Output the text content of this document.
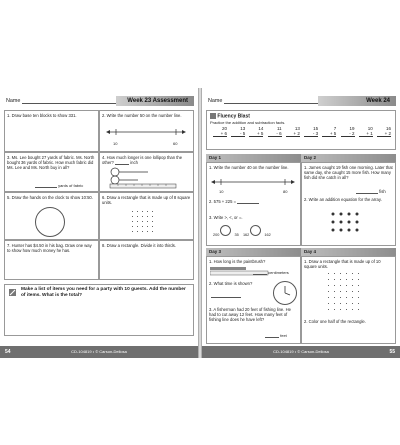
Name	Week 23 Assessment
1. Draw base ten blocks to show 331.	2. Write the number 50 on the number line.
10	60
3. Ms. Lee bought 27 yards of fabric. Ms. North bought 36 yards of fabric. How much fabric did Ms. Lee and Ms. North buy in all?
yards of fabric
4. How much longer is one lollipop than the other?	inch
5. Draw the hands on the clock to show 10:50.	6. Draw a rectangle that is made up of 8 square units.
7. Hunter has $4.50 in his bag. Draw one way to show how much money he has.
8. Draw a rectangle. Divide it into thirds.
Make a list of items you need for a party with 10 guests. Add the number of items. What is the total?
54	CD-104819 • © Carson-Dellosa
Name	Week 24
Fluency Blast
Practice the addition and subtraction facts.
20
+ 6
13
- 5
14
+ 5
11
- 6
13
+ 2
15
- 3
7
+ 5
19
- 2
10
+ 1
16
+ 2
Day 1
1. Write the number 40 on the number line.
10	80
2. 575 + 225 =
3. Write >, <, or =.
200	35 162	162
Day 2
1. James caught 19 fish one morning. Later that same day, she caught 15 more fish. How many fish did she catch in all?
fish
2. Write an addition equation for the array.
Day 3
1. How long is the paintbrush?
centimeters
2. What time is shown?
3. A fisherman had 20 feet of fishing line. He had to cut away 12 feet. How many feet of fishing line does he have left?
feet
Day 4
1. Draw a rectangle that is made up of 10 square units.
2. Color one half of the rectangle.
CD-104819 • © Carson-Dellosa	55
